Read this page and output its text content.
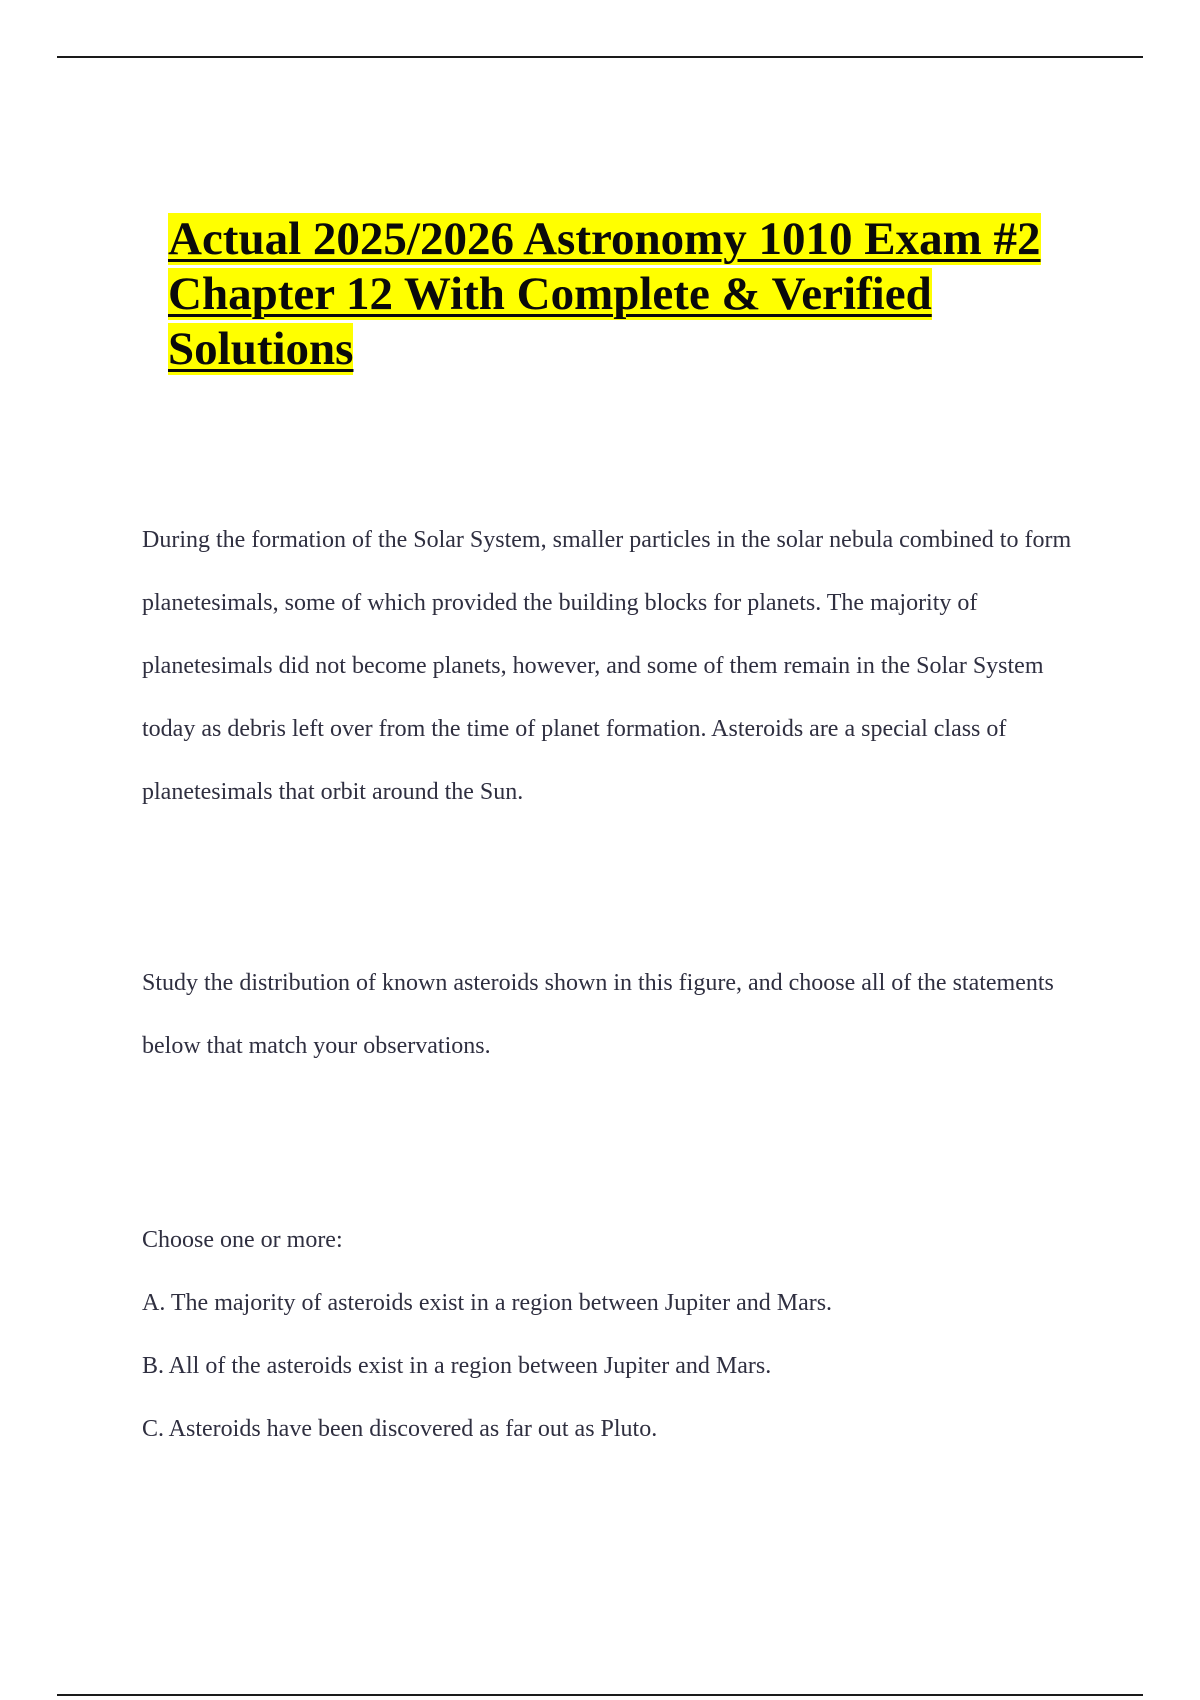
Actual 2025/2026 Astronomy 1010 Exam #2
Chapter 12 With Complete & Verified
Solutions

During the formation of the Solar System, smaller particles in the solar nebula combined to form planetesimals, some of which provided the building blocks for planets. The majority of planetesimals did not become planets, however, and some of them remain in the Solar System today as debris left over from the time of planet formation. Asteroids are a special class of planetesimals that orbit around the Sun.

Study the distribution of known asteroids shown in this figure, and choose all of the statements below that match your observations.

Choose one or more:

A. The majority of asteroids exist in a region between Jupiter and Mars.

B. All of the asteroids exist in a region between Jupiter and Mars.

C. Asteroids have been discovered as far out as Pluto.
